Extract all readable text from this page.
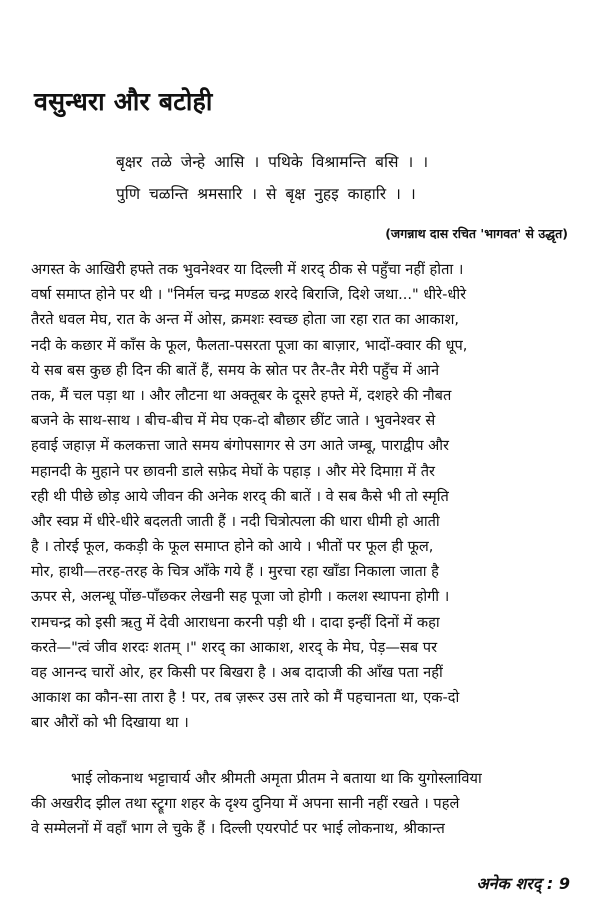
वसुन्धरा और बटोही
बृक्षर तळे जेन्हे आसि । पथिके विश्रामन्ति बसि । ।
पुणि चळन्ति श्रमसारि । से बृक्ष नुहइ काहारि । ।
(जगन्नाथ दास रचित 'भागवत' से उद्धृत)
अगस्त के आखिरी हफ्ते तक भुवनेश्वर या दिल्ली में शरद् ठीक से पहुँचा नहीं होता ।
वर्षा समाप्त होने पर थी । "निर्मल चन्द्र मण्डळ शरदे बिराजि, दिशे जथा..." धीरे-धीरे
तैरते धवल मेघ, रात के अन्त में ओस, क्रमशः स्वच्छ होता जा रहा रात का आकाश,
नदी के कछार में काँस के फूल, फैलता-पसरता पूजा का बाज़ार, भादों-क्वार की धूप,
ये सब बस कुछ ही दिन की बातें हैं, समय के स्रोत पर तैर-तैर मेरी पहुँच में आने
तक, मैं चल पड़ा था । और लौटना था अक्तूबर के दूसरे हफ्ते में, दशहरे की नौबत
बजने के साथ-साथ । बीच-बीच में मेघ एक-दो बौछार छींट जाते । भुवनेश्वर से
हवाई जहाज़ में कलकत्ता जाते समय बंगोपसागर से उग आते जम्बू, पाराद्वीप और
महानदी के मुहाने पर छावनी डाले सफ़ेद मेघों के पहाड़ । और मेरे दिमाग़ में तैर
रही थी पीछे छोड़ आये जीवन की अनेक शरद् की बातें । वे सब कैसे भी तो स्मृति
और स्वप्न में धीरे-धीरे बदलती जाती हैं । नदी चित्रोत्पला की धारा धीमी हो आती
है । तोरई फूल, ककड़ी के फूल समाप्त होने को आये । भीतों पर फूल ही फूल,
मोर, हाथी—तरह-तरह के चित्र आँके गये हैं । मुरचा रहा खाँडा निकाला जाता है
ऊपर से, अलन्धू पोंछ-पाँछकर लेखनी सह पूजा जो होगी । कलश स्थापना होगी ।
रामचन्द्र को इसी ऋतु में देवी आराधना करनी पड़ी थी । दादा इन्हीं दिनों में कहा
करते—"त्वं जीव शरदः शतम् ।" शरद् का आकाश, शरद् के मेघ, पेड़—सब पर
वह आनन्द चारों ओर, हर किसी पर बिखरा है । अब दादाजी की आँख पता नहीं
आकाश का कौन-सा तारा है ! पर, तब ज़रूर उस तारे को मैं पहचानता था, एक-दो
बार औरों को भी दिखाया था ।
भाई लोकनाथ भट्टाचार्य और श्रीमती अमृता प्रीतम ने बताया था कि युगोस्लाविया
की अखरीद झील तथा स्ट्रूगा शहर के दृश्य दुनिया में अपना सानी नहीं रखते । पहले
वे सम्मेलनों में वहाँ भाग ले चुके हैं । दिल्ली एयरपोर्ट पर भाई लोकनाथ, श्रीकान्त
अनेक शरद् : 9
